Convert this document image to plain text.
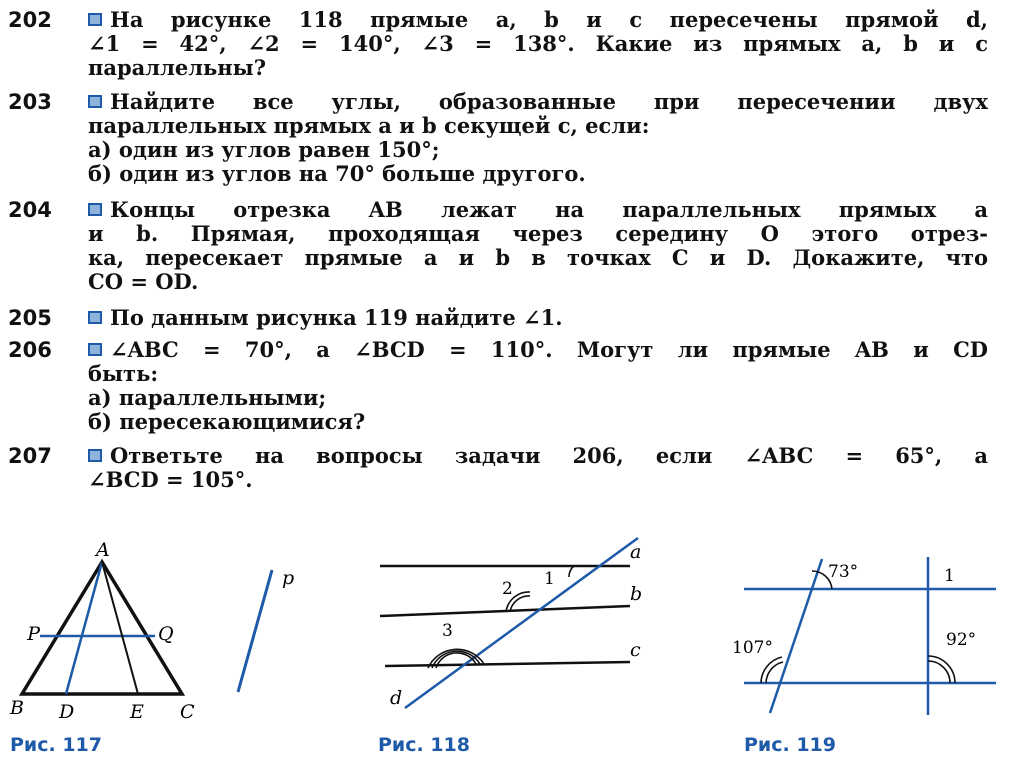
202	На рисунке 118 прямые a, b и c пересечены прямой d,
∠1 = 42°, ∠2 = 140°, ∠3 = 138°. Какие из прямых a, b и c
параллельны?
203	Найдите все углы, образованные при пересечении двух
параллельных прямых a и b секущей c, если:
а) один из углов равен 150°;
б) один из углов на 70° больше другого.
204	Концы отрезка AB лежат на параллельных прямых a
и b. Прямая, проходящая через середину O этого отрез-
ка, пересекает прямые a и b в точках C и D. Докажите, что
CO = OD.
205	По данным рисунка 119 найдите ∠1.
206	∠ABC = 70°, а ∠BCD = 110°. Могут ли прямые AB и CD
быть:
а) параллельными;
б) пересекающимися?
207	Ответьте на вопросы задачи 206, если ∠ABC = 65°, а
∠BCD = 105°.
A
B D	E C
P	Q
p
Рис. 117
a
b
c
d
1
2
3
Рис. 118
73°
107°	92°
1
Рис. 119
